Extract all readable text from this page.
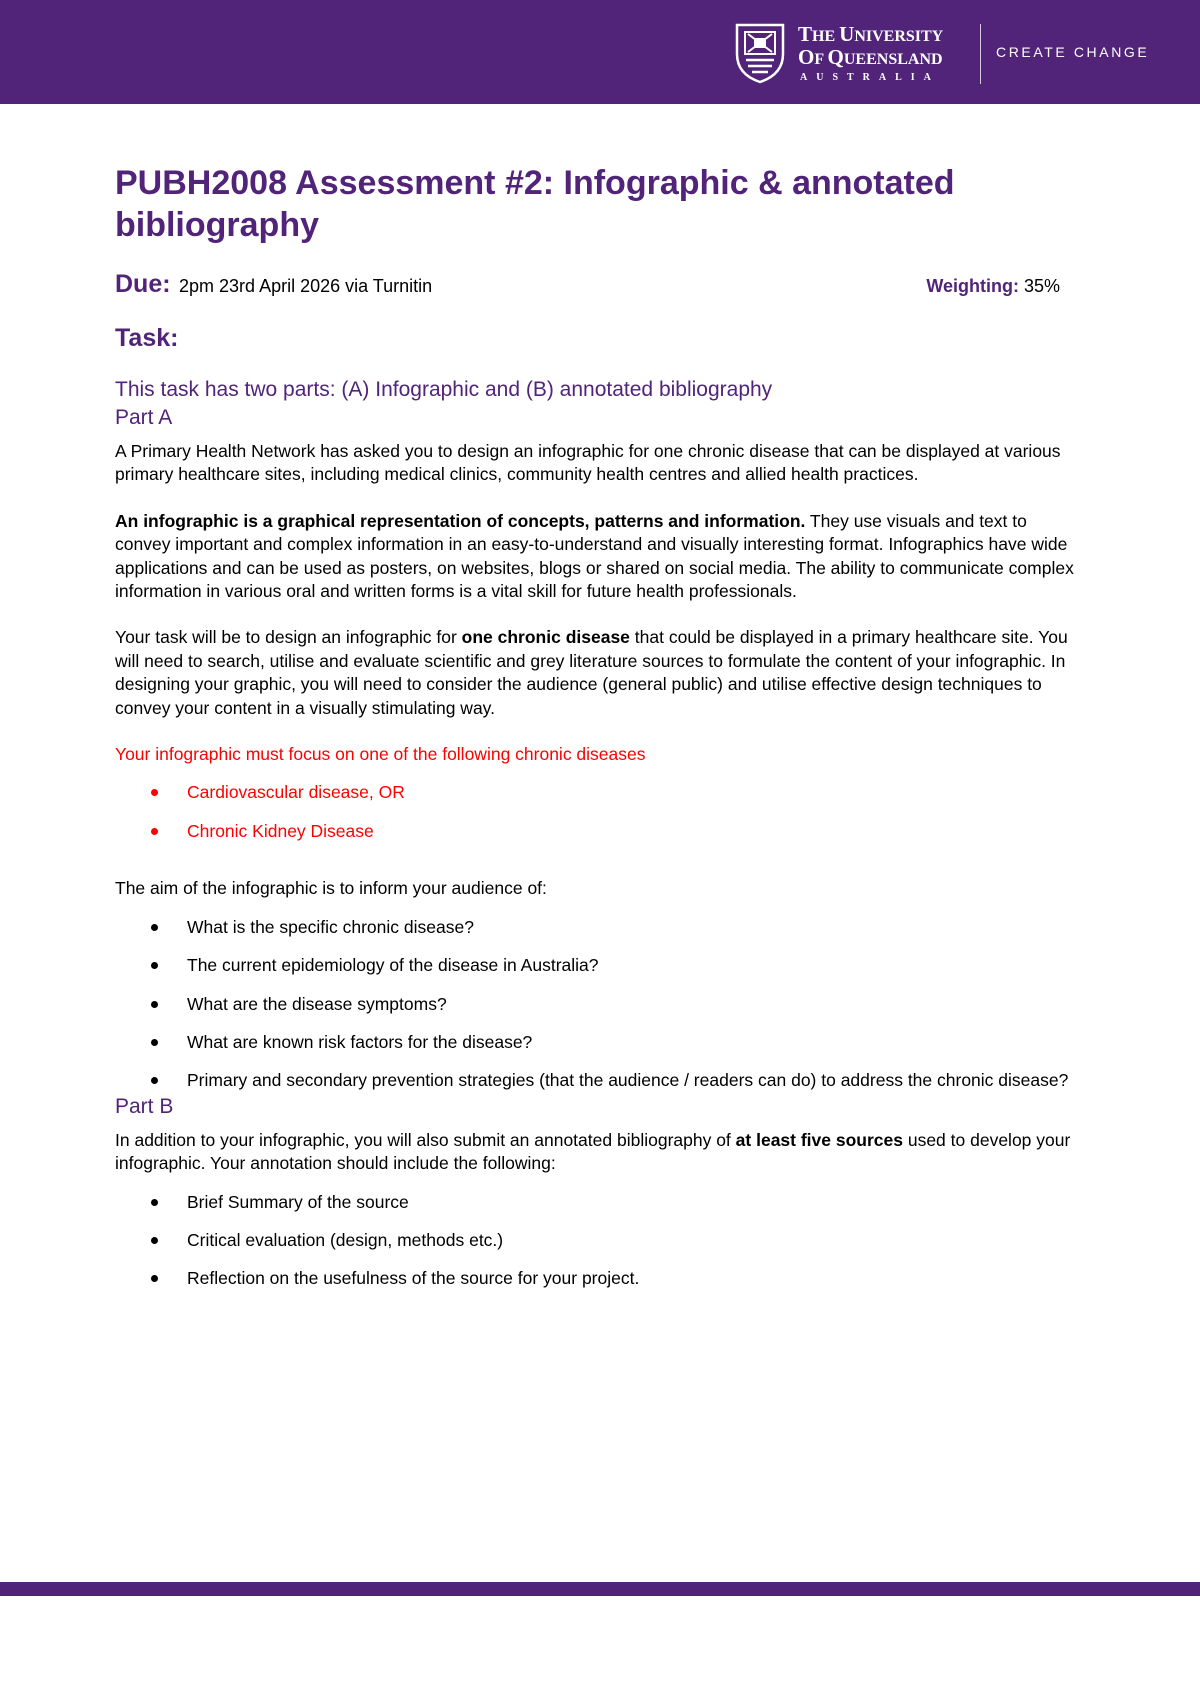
THE UNIVERSITY
OF QUEENSLAND
AUSTRALIA
CREATE CHANGE
PUBH2008 Assessment #2: Infographic & annotated bibliography
Due: 2pm 23rd April 2026 via Turnitin	Weighting: 35%
Task:
This task has two parts: (A) Infographic and (B) annotated bibliography
Part A

A Primary Health Network has asked you to design an infographic for one chronic disease that can be displayed at various primary healthcare sites, including medical clinics, community health centres and allied health practices.

An infographic is a graphical representation of concepts, patterns and information. They use visuals and text to convey important and complex information in an easy-to-understand and visually interesting format. Infographics have wide applications and can be used as posters, on websites, blogs or shared on social media. The ability to communicate complex information in various oral and written forms is a vital skill for future health professionals.

Your task will be to design an infographic for one chronic disease that could be displayed in a primary healthcare site. You will need to search, utilise and evaluate scientific and grey literature sources to formulate the content of your infographic. In designing your graphic, you will need to consider the audience (general public) and utilise effective design techniques to convey your content in a visually stimulating way.

Your infographic must focus on one of the following chronic diseases

Cardiovascular disease, OR
Chronic Kidney Disease

The aim of the infographic is to inform your audience of:

What is the specific chronic disease?
The current epidemiology of the disease in Australia?
What are the disease symptoms?
What are known risk factors for the disease?
Primary and secondary prevention strategies (that the audience / readers can do) to address the chronic disease?
Part B

In addition to your infographic, you will also submit an annotated bibliography of at least five sources used to develop your infographic. Your annotation should include the following:

Brief Summary of the source
Critical evaluation (design, methods etc.)
Reflection on the usefulness of the source for your project.
